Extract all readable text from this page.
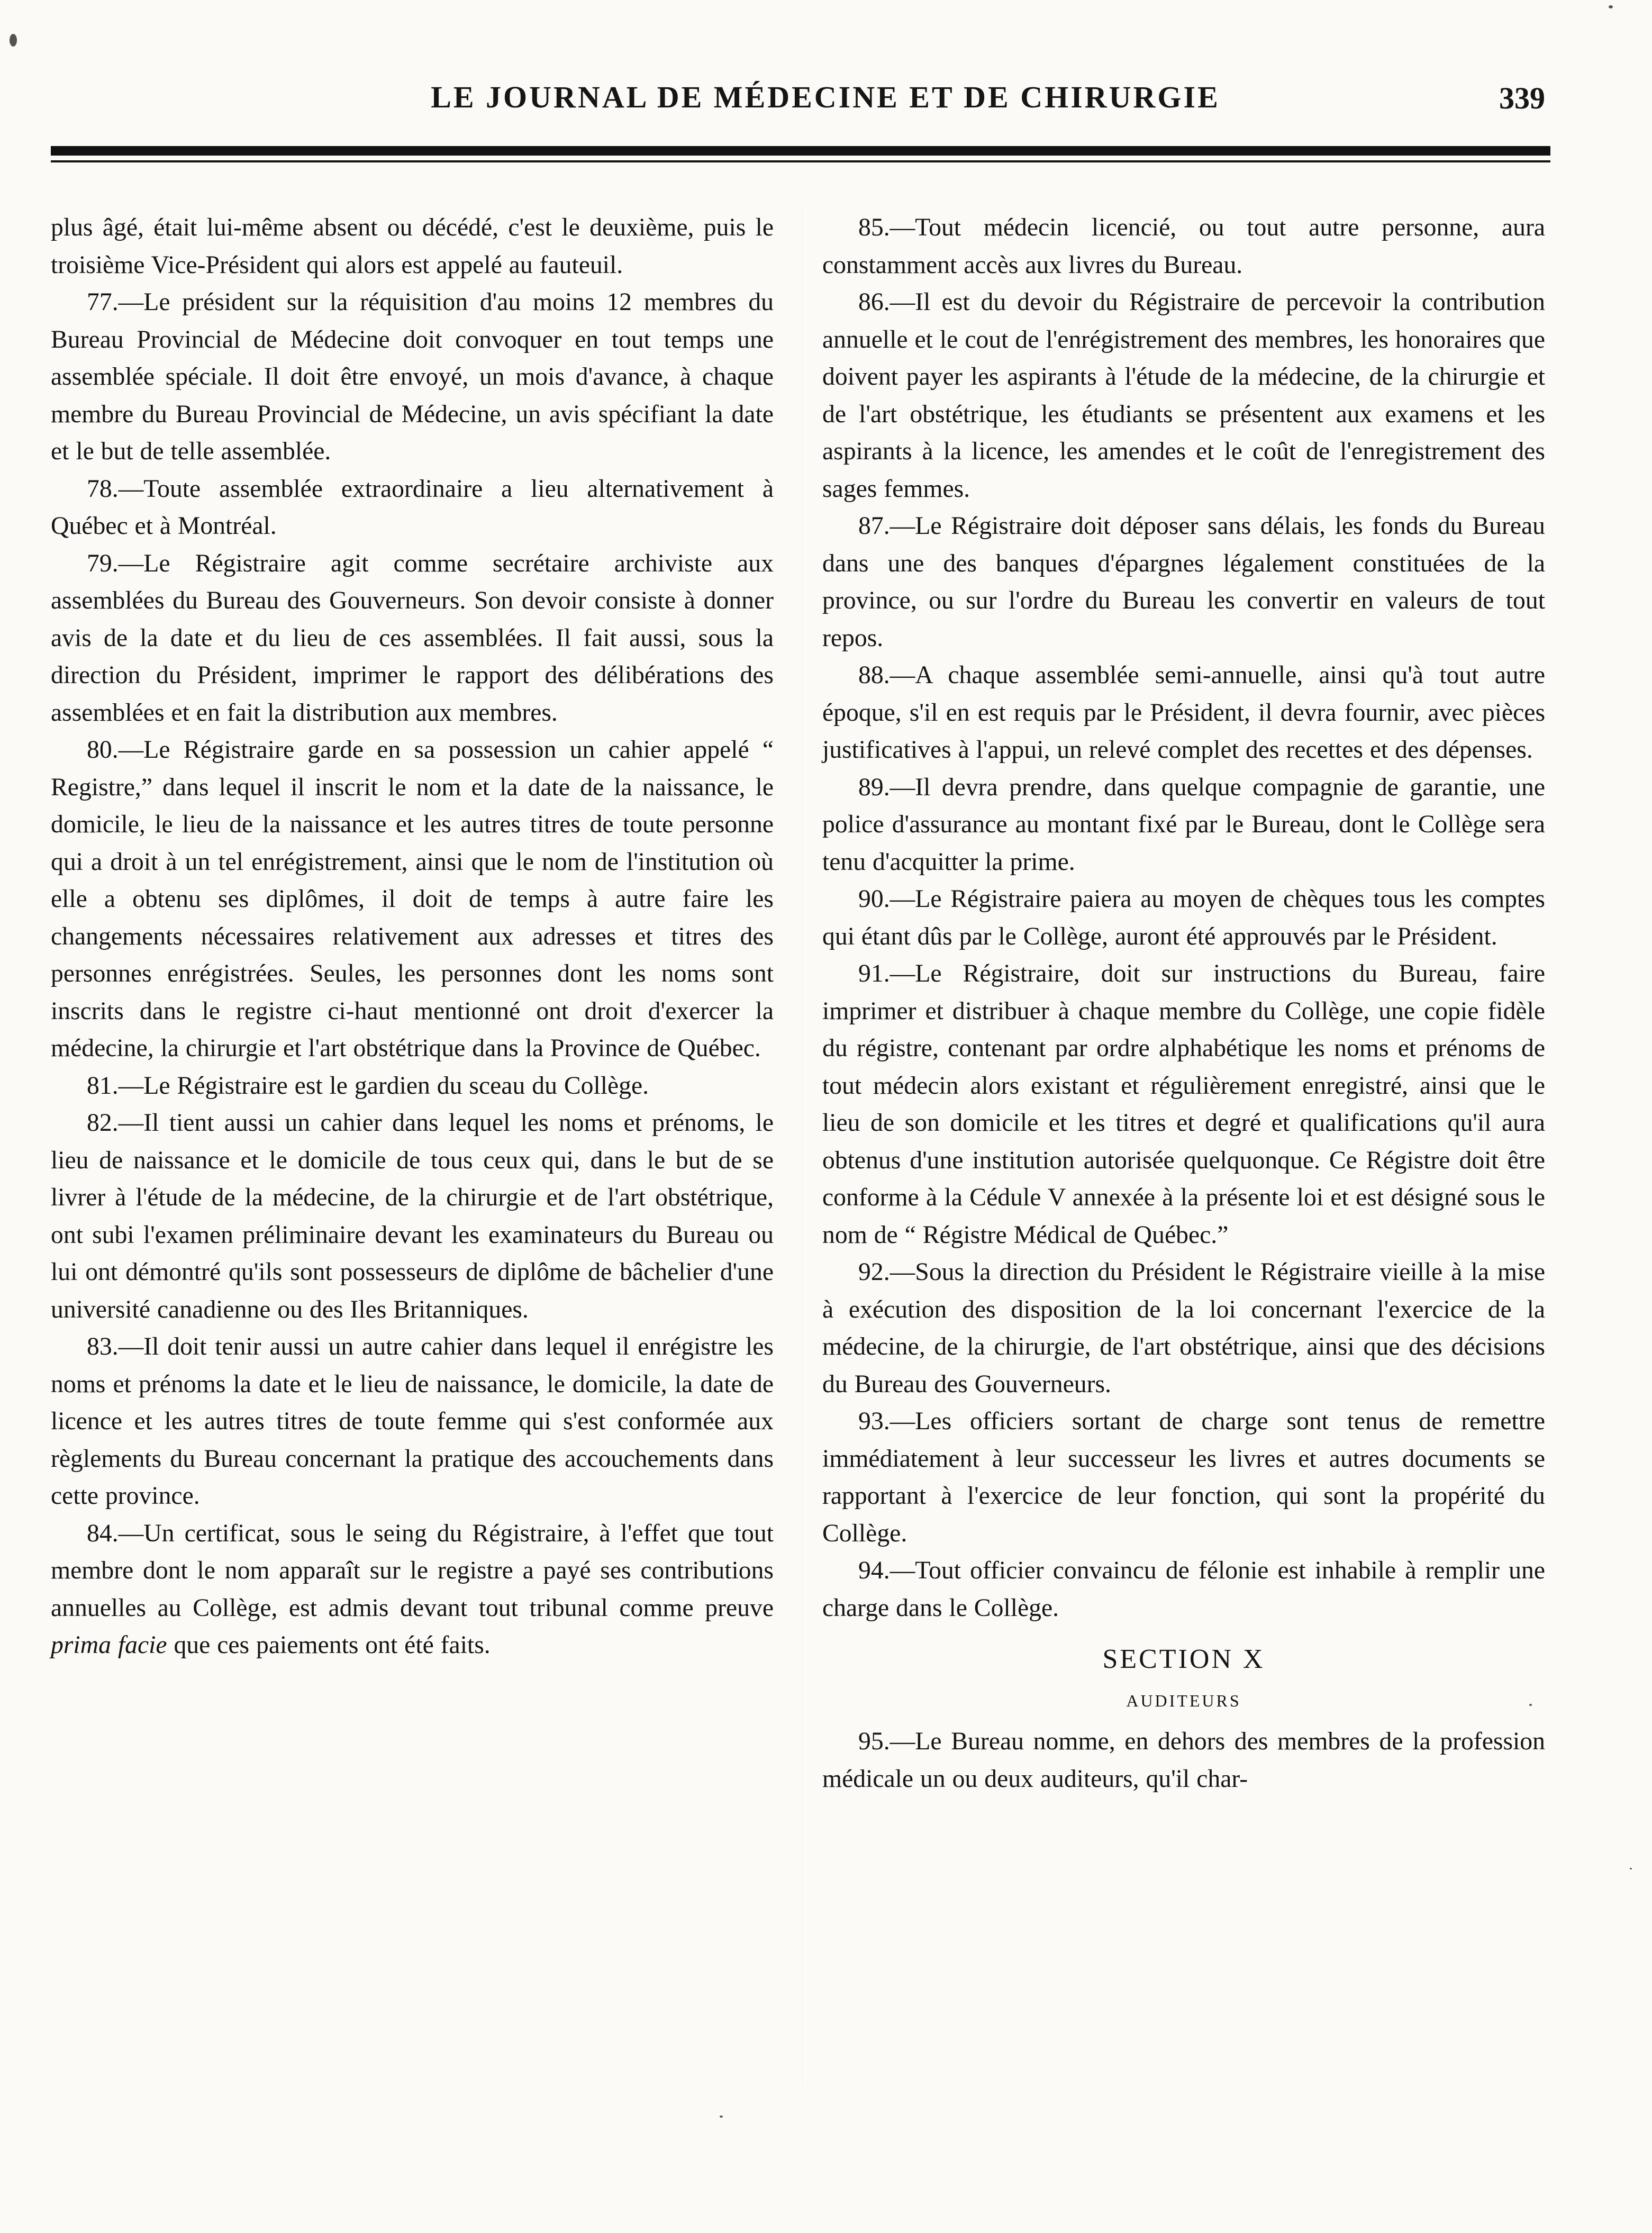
LE JOURNAL DE MÉDECINE ET DE CHIRURGIE	339

plus âgé, était lui-même absent ou décédé, c'est le deuxième, puis le troisième Vice-Président qui alors est appelé au fauteuil.

77.—Le président sur la réquisition d'au moins 12 membres du Bureau Provincial de Médecine doit convoquer en tout temps une assemblée spéciale. Il doit être envoyé, un mois d'avance, à chaque membre du Bureau Provincial de Médecine, un avis spécifiant la date et le but de telle assemblée.

78.—Toute assemblée extraordinaire a lieu alternativement à Québec et à Montréal.

79.—Le Régistraire agit comme secrétaire archiviste aux assemblées du Bureau des Gouverneurs. Son devoir consiste à donner avis de la date et du lieu de ces assemblées. Il fait aussi, sous la direction du Président, imprimer le rapport des délibérations des assemblées et en fait la distribution aux membres.

80.—Le Régistraire garde en sa possession un cahier appelé “ Registre,” dans lequel il inscrit le nom et la date de la naissance, le domicile, le lieu de la naissance et les autres titres de toute personne qui a droit à un tel enrégistrement, ainsi que le nom de l'institution où elle a obtenu ses diplômes, il doit de temps à autre faire les changements nécessaires relativement aux adresses et titres des personnes enrégistrées. Seules, les personnes dont les noms sont inscrits dans le registre ci-haut mentionné ont droit d'exercer la médecine, la chirurgie et l'art obstétrique dans la Province de Québec.

81.—Le Régistraire est le gardien du sceau du Collège.

82.—Il tient aussi un cahier dans lequel les noms et prénoms, le lieu de naissance et le domicile de tous ceux qui, dans le but de se livrer à l'étude de la médecine, de la chirurgie et de l'art obstétrique, ont subi l'examen préliminaire devant les examinateurs du Bureau ou lui ont démontré qu'ils sont possesseurs de diplôme de bâchelier d'une université canadienne ou des Iles Britanniques.

83.—Il doit tenir aussi un autre cahier dans lequel il enrégistre les noms et prénoms la date et le lieu de naissance, le domicile, la date de licence et les autres titres de toute femme qui s'est conformée aux règlements du Bureau concernant la pratique des accouchements dans cette province.

84.—Un certificat, sous le seing du Régistraire, à l'effet que tout membre dont le nom apparaît sur le registre a payé ses contributions annuelles au Collège, est admis devant tout tribunal comme preuve prima facie que ces paiements ont été faits.

85.—Tout médecin licencié, ou tout autre personne, aura constamment accès aux livres du Bureau.

86.—Il est du devoir du Régistraire de percevoir la contribution annuelle et le cout de l'enrégistrement des membres, les honoraires que doivent payer les aspirants à l'étude de la médecine, de la chirurgie et de l'art obstétrique, les étudiants se présentent aux examens et les aspirants à la licence, les amendes et le coût de l'enregistrement des sages femmes.

87.—Le Régistraire doit déposer sans délais, les fonds du Bureau dans une des banques d'épargnes légalement constituées de la province, ou sur l'ordre du Bureau les convertir en valeurs de tout repos.

88.—A chaque assemblée semi-annuelle, ainsi qu'à tout autre époque, s'il en est requis par le Président, il devra fournir, avec pièces justificatives à l'appui, un relevé complet des recettes et des dépenses.

89.—Il devra prendre, dans quelque compagnie de garantie, une police d'assurance au montant fixé par le Bureau, dont le Collège sera tenu d'acquitter la prime.

90.—Le Régistraire paiera au moyen de chèques tous les comptes qui étant dûs par le Collège, auront été approuvés par le Président.

91.—Le Régistraire, doit sur instructions du Bureau, faire imprimer et distribuer à chaque membre du Collège, une copie fidèle du régistre, contenant par ordre alphabétique les noms et prénoms de tout médecin alors existant et régulièrement enregistré, ainsi que le lieu de son domicile et les titres et degré et qualifications qu'il aura obtenus d'une institution autorisée quelquonque. Ce Régistre doit être conforme à la Cédule V annexée à la présente loi et est désigné sous le nom de “ Régistre Médical de Québec.”

92.—Sous la direction du Président le Régistraire vieille à la mise à exécution des disposition de la loi concernant l'exercice de la médecine, de la chirurgie, de l'art obstétrique, ainsi que des décisions du Bureau des Gouverneurs.

93.—Les officiers sortant de charge sont tenus de remettre immédiatement à leur successeur les livres et autres documents se rapportant à l'exercice de leur fonction, qui sont la propérité du Collège.

94.—Tout officier convaincu de félonie est inhabile à remplir une charge dans le Collège.

SECTION X
AUDITEURS

95.—Le Bureau nomme, en dehors des membres de la profession médicale un ou deux auditeurs, qu'il char-
